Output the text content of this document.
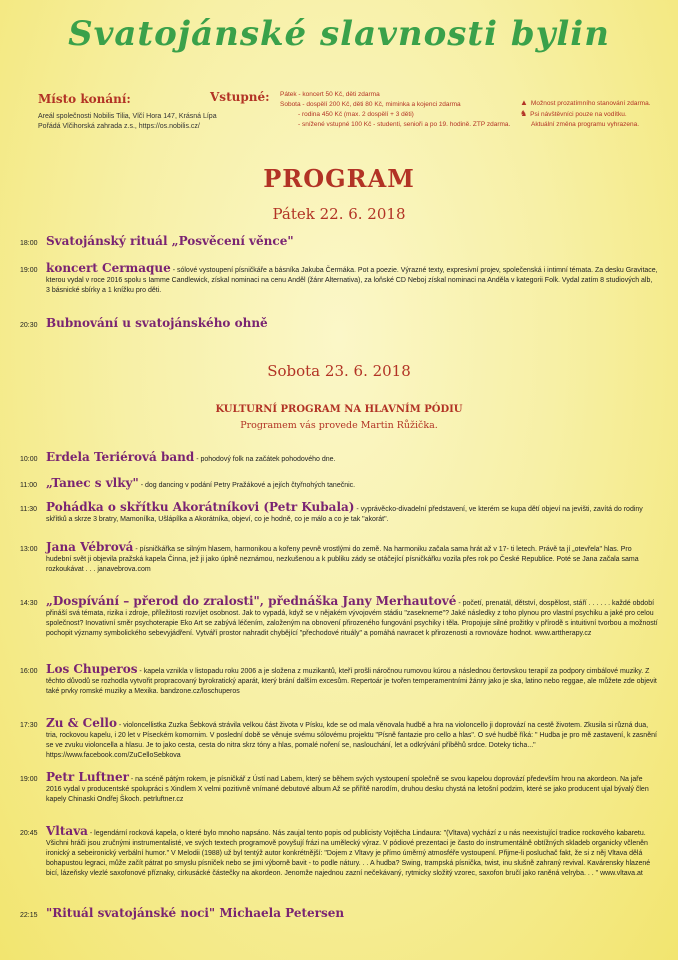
Svatojánské slavnosti bylin
Místo konání:
Areál společnosti Nobilis Tilia, Vlčí Hora 147, Krásná Lípa
Pořádá Vlčihorská zahrada z.s., https://os.nobilis.cz/
Vstupné: Pátek - koncert 50 Kč, děti zdarma
Sobota - dospělí 200 Kč, děti 80 Kč, miminka a kojenci zdarma
- rodina 450 Kč (max. 2 dospělí + 3 děti)
- snížené vstupné 100 Kč - studenti, senioři a po 19. hodině. ZTP zdarma.
▲ Možnost prozatímního stanování zdarma.
♞ Psi návštěvníci pouze na vodítku.
Aktuální změna programu vyhrazena.
PROGRAM
Pátek 22. 6. 2018
18:00 Svatojánský rituál „Posvěcení věnce"
19:00 koncert Cermaque - sólové vystoupení písničkáře a básníka Jakuba Čermáka. Pot a poezie. Výrazné texty, expresivní projev, společenská i intimní témata. Za desku Gravitace, kterou vydal v roce 2016 spolu s Iamme Candlewick, získal nominaci na cenu Anděl (žánr Alternativa), za loňské CD Neboj získal nominaci na Anděla v kategorii Folk. Vydal zatím 8 studiových alb, 3 básnické sbírky a 1 knížku pro děti.
20:30 Bubnování u svatojánského ohně
Sobota 23. 6. 2018
KULTURNÍ PROGRAM NA HLAVNÍM PÓDIU
Programem vás provede Martin Růžička.
10:00 Erdela Teriérová band - pohodový folk na začátek pohodového dne.
11:00 „Tanec s vlky" - dog dancing v podání Petry Pražákové a jejích čtyřnohých tanečnic.
11:30 Pohádka o skřítku Akorátníkovi (Petr Kubala) - vyprávěcko-divadelní představení, ve kterém se kupa dětí objeví na jevišti, zavítá do rodiny skřítků a skrze 3 bratry, Mamonílka, Ušlápílka a Akorátníka, objeví, co je hodně, co je málo a co je tak "akorát".
13:00 Jana Vébrová - písničkářka se silným hlasem, harmonikou a kořeny pevně vrostlými do země. Na harmoniku začala sama hrát až v 17- ti letech. Právě ta jí „otevřela" hlas. Pro hudební svět ji objevila pražská kapela Činna, jež ji jako úplně neznámou, nezkušenou a k publiku zády se otáčející písničkářku vozila přes rok po České Republice. Poté se Jana začala sama rozkoukávat . . . janavebrova.com
14:30 „Dospívání – přerod do zralosti", přednáška Jany Merhautové - početí, prenatál, dětství, dospělost, stáří . . . . . . každé období přináší svá témata, rizika i zdroje, příležitosti rozvíjet osobnost. Jak to vypadá, když se v nějakém vývojovém stádiu "zasekneme"? Jaké následky z toho plynou pro vlastní psychiku a jaké pro celou společnost? Inovativní směr psychoterapie Eko Art se zabývá léčením, založeným na obnovení přirozeného fungování psychiky i těla. Propojuje silné prožitky v přírodě s intuitivní tvorbou a možností pochopit významy symbolického sebevyjádření. Vytváří prostor nahradit chybějící "přechodové rituály" a pomáhá navracet k přirozenosti a rovnováze hodnot. www.arttherapy.cz
16:00 Los Chuperos - kapela vznikla v listopadu roku 2006 a je složena z muzikantů, kteří prošli náročnou rumovou kúrou a následnou čertovskou terapií za podpory cimbálové muziky. Z těchto důvodů se rozhodla vytvořit propracovaný byrokratický aparát, který brání dalším excesům. Repertoár je tvořen temperamentními žánry jako je ska, latino nebo reggae, ale můžete zde objevit také prvky romské muziky a Mexika. bandzone.cz/loschuperos
17:30 Zu & Cello - violoncellistka Zuzka Šebková strávila velkou část života v Písku, kde se od mala věnovala hudbě a hra na violoncello ji doprovází na cestě životem. Zkusila si různá dua, tria, rockovou kapelu, i 20 let v Píseckém komornim. V poslední době se věnuje svému sólovému projektu "Písně fantazie pro cello a hlas". O své hudbě říká: " Hudba je pro mě zastavení, k zasnění se ve zvuku violoncella a hlasu. Je to jako cesta, cesta do nitra skrz tóny a hlas, pomalé noření se, naslouchání, let a odkrývání příběhů srdce. Doteky ticha..." https://www.facebook.com/ZuCelloSebkova
19:00 Petr Luftner - na scéně pátým rokem, je písničkář z Ústí nad Labem, který se během svých vystoupení společně se svou kapelou doprovází především hrou na akordeon. Na jaře 2016 vydal v producentské spolupráci s Xindlem X velmi pozitivně vnímané debutové album Až se přiřítě narodím, druhou desku chystá na letošní podzim, které se jako producent ujal bývalý člen kapely Chinaski Ondřej Škoch. petrluftner.cz
20:45 Vltava - legendární rocková kapela, o které bylo mnoho napsáno. Nás zaujal tento popis od publicisty Vojtěcha Lindaura: "(Vltava) vychází z u nás neexistující tradice rockového kabaretu. Všichni hráči jsou zručnými instrumentalisté, ve svých textech programově povyšují frázi na umělecký výraz. V pódiové prezentaci je často do instrumentálně obtížných skladeb organicky včleněn ironický a sebeironický verbální humor." V Melodii (1988) už byl tentýž autor konkrétnější: "Dojem z Vltavy je přímo úměrný atmosféře vystoupení. Přijme-li posluchač fakt, že si z něj Vltava dělá bohapustou legraci, může začít pátrat po smyslu písniček nebo se jimi výborně bavit - to podle nátury. . . A hudba? Swing, trampská písnička, twist, inu slušně zahraný revival. Kavárensky hlazené bicí, lázeňsky vlezlé saxofonové příznaky, cirkusácké částečky na akordeon. Jenomže najednou zazní nečekávaný, rytmicky složitý vzorec, saxofon bručí jako raněná velryba. . . " www.vltava.at
22:15 "Rituál svatojánské noci" Michaela Petersen
